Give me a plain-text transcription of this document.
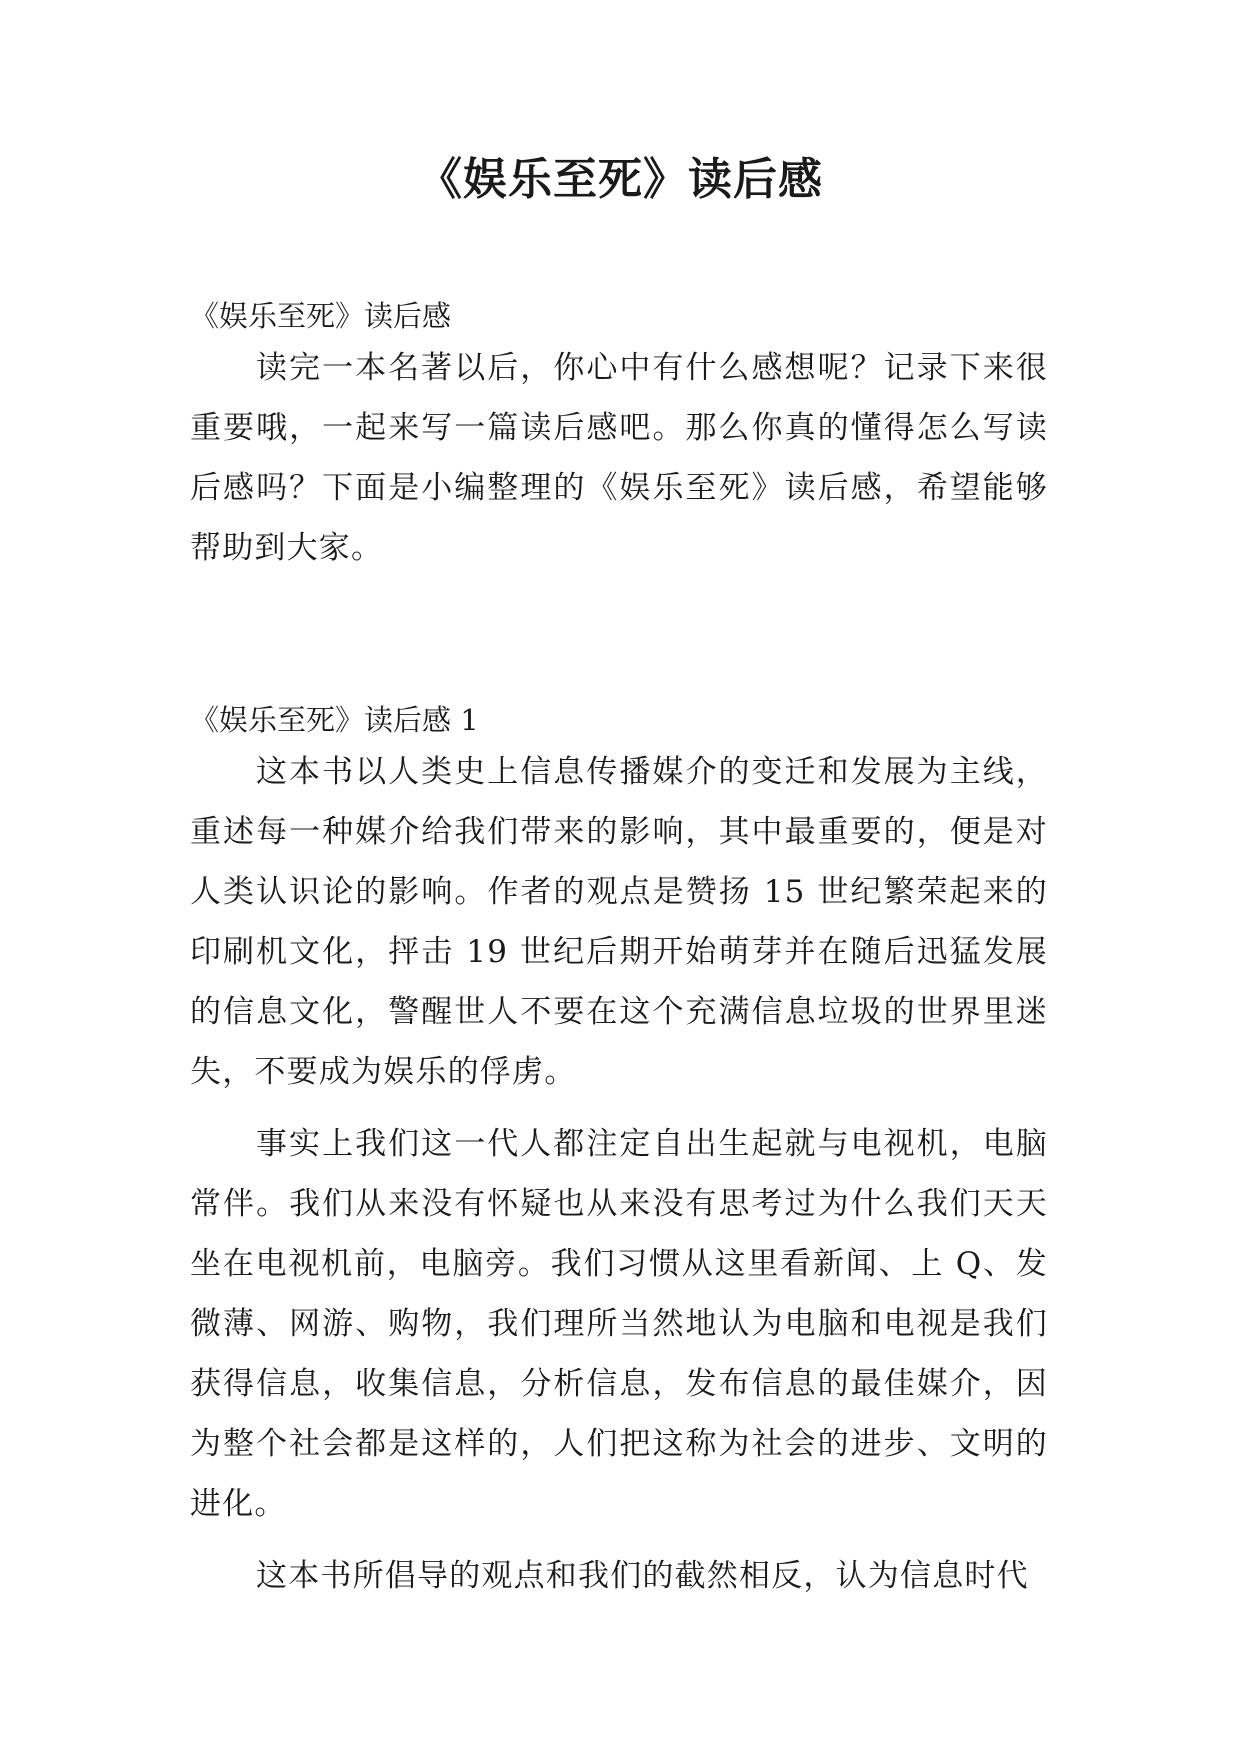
《娱乐至死》读后感

《娱乐至死》读后感

读完一本名著以后，你心中有什么感想呢？记录下来很重要哦，一起来写一篇读后感吧。那么你真的懂得怎么写读后感吗？下面是小编整理的《娱乐至死》读后感，希望能够帮助到大家。

《娱乐至死》读后感 1

这本书以人类史上信息传播媒介的变迁和发展为主线，重述每一种媒介给我们带来的影响，其中最重要的，便是对人类认识论的影响。作者的观点是赞扬 15 世纪繁荣起来的印刷机文化，抨击 19 世纪后期开始萌芽并在随后迅猛发展的信息文化，警醒世人不要在这个充满信息垃圾的世界里迷失，不要成为娱乐的俘虏。

事实上我们这一代人都注定自出生起就与电视机，电脑常伴。我们从来没有怀疑也从来没有思考过为什么我们天天坐在电视机前，电脑旁。我们习惯从这里看新闻、上 Q、发微薄、网游、购物，我们理所当然地认为电脑和电视是我们获得信息，收集信息，分析信息，发布信息的最佳媒介，因为整个社会都是这样的，人们把这称为社会的进步、文明的进化。

这本书所倡导的观点和我们的截然相反，认为信息时代
